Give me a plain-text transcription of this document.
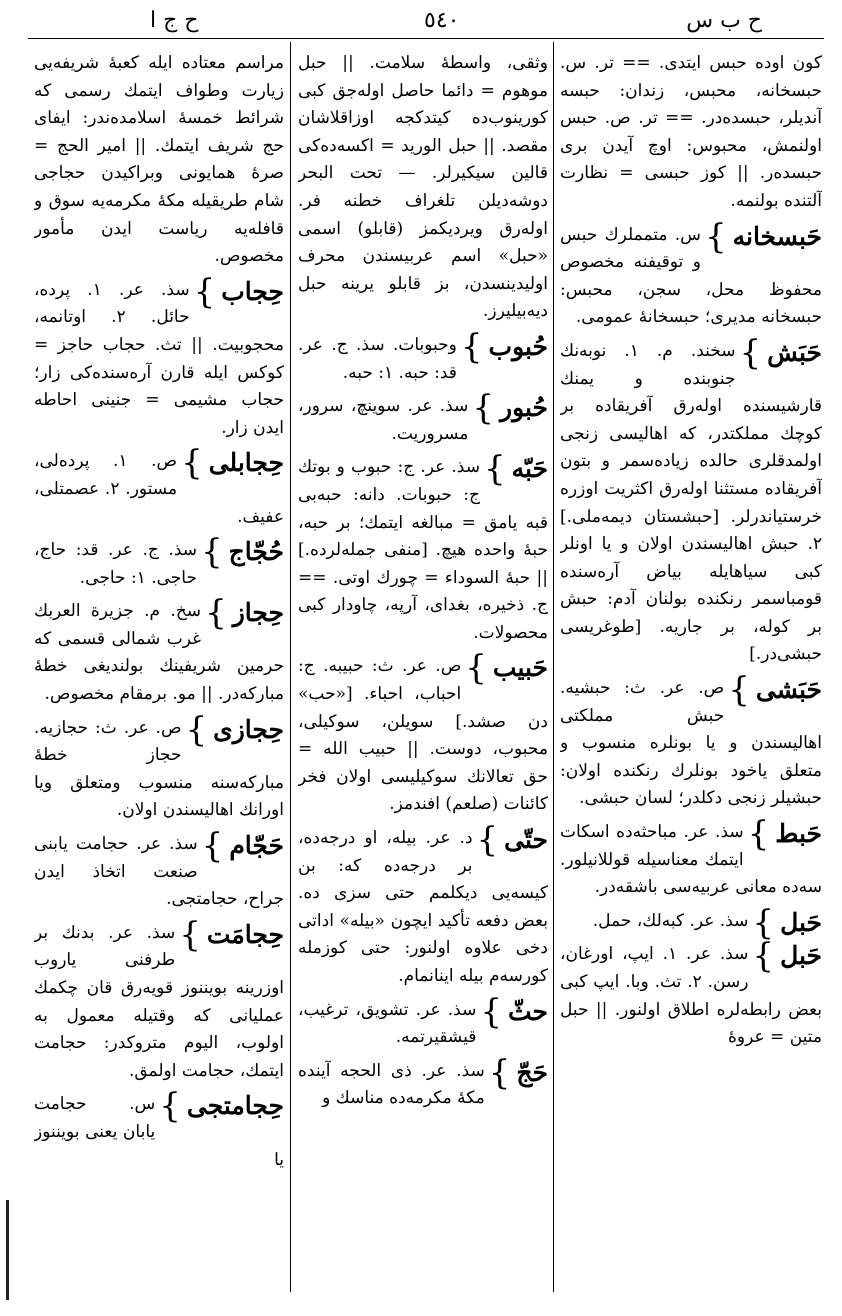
ح ج ا	٥٤٠	ح ب س
كون اوده حبس ايتدى. == تر. س. حبسخانه، محبس، زندان: حبسه آنديلر، حبسده‌در. == تر. ص. حبس اولنمش، محبوس: اوچ آيدن برى حبسده‌ر. || كوز حبسى = نظارت آلتنده بولنمه.
حَبسخانه
}
س. متمملرك حبس و توقيفنه مخصوص محفوظ محل، سجن، محبس: حبسخانه مديرى؛ حبسخانهٔ عمومى.
حَبَش
}
سخند. م. ١. نوبه‌نك جنوبنده و يمنك قارشيسنده اولەرق آفريقاده بر كوچك مملكتدر، كه اهاليسى زنجى اولمدقلرى حالده زياده‌سمر و بتون آفريقاده مستثنا اولەرق اكثريت اوزره خرستياندرلر. [حبشستان ديمه‌ملى.] ٢. حبش اهاليسندن اولان و يا اونلر كبى سياهايله بياض آره‌سنده قومباسمر رنكنده بولنان آدم: حبش بر كوله، بر جاريه. [طوغريسى حبشى‌در.]
حَبَشى
}
ص. عر. ث: حبشيه. حبش مملكتى اهاليسندن و يا بونلره منسوب و متعلق ياخود بونلرك رنكنده اولان: حبشيلر زنجى دكلدر؛ لسان حبشى.
حَبط
}
سذ. عر. مباحثه‌ده اسكات ايتمك معناسيله قوللانيلور. سه‌ده معانى عربيه‌سى باشقه‌در.
حَبل
}
سذ. عر. كبه‌لك، حمل.
حَبل
}
سذ. عر. ١. ايپ، اورغان، رسن. ٢. تث. وبا. ايپ كبى بعض رابطه‌لره اطلاق اولنور. || حبل متين = عروهٔ
وثقى، واسطهٔ سلامت. || حبل موهوم = دائما حاصل اولەجق كبى كورينوب‌ده كيتدكجه اوزاقلاشان مقصد. || حبل الوريد = اكسه‌ده‌كى قالين سيكيرلر. — تحت البحر دوشەديلن تلغراف خطنه فر. اوله‌رق ويرديكمز (قابلو) اسمى «حبل» اسم عربيسندن محرف اوليدينسدن، بز قابلو يرينه حبل ديه‌بيليرز.
حُبوب
}
وحبوبات. سذ. ج. عر. قد: حبه. ١: حبه.
حُبور
}
سذ. عر. سوينچ، سرور، مسروريت.
حَبّه
}
سذ. عر. ج: حبوب و بوتك ج: حبوبات. دانه: حبه‌بى قبه يامق = مبالغه ايتمك؛ بر حبه، حبهٔ واحده هيچ. [منفى جمله‌لرده.] || حبهٔ السوداء = چورك اوتى. == ج. ذخيره، بغداى، آرپه، چاودار كبى محصولات.
حَبيب
}
ص. عر. ث: حبيبه. ج: احباب، احباء. [«حب» دن صشد.] سويلن، سوكيلى، محبوب، دوست. || حبيب الله = حق تعالانك سوكيليسى اولان فخر كائنات (صلعم) افندمز.
حتّى
}
د. عر. بيله، او درجه‌ده، بر درجه‌ده كه: بن كيسه‌يى ديكلمم حتى سزى ده. بعض دفعه تأكيد ايچون «بيله» اداتى دخى علاوه اولنور: حتى كوزمله كورسه‌م بيله اينانمام.
حثّ
}
سذ. عر. تشويق، ترغيب، قيشقيرتمه.
حَجّ
}
سذ. عر. ذى الحجه آينده مكهٔ مكرمه‌ده مناسك و
مراسم معتاده ايله كعبهٔ شريفه‌يى زيارت وطواف ايتمك رسمى كه شرائط خمسهٔ اسلامده‌ندر: ايفاى حج شريف ايتمك. || امير الحج = صرهٔ همايونى وبراكيدن حجاجى شام طريقيله مكهٔ مكرمه‌يه سوق و قافله‌يه رياست ايدن مأمور مخصوص.
حِجاب
}
سذ. عر. ١. پرده، حائل. ٢. اوتانمه، محجوبيت. || تث. حجاب حاجز = كوكس ايله قارن آره‌سنده‌كى زار؛ حجاب مشيمى = جنينى احاطه ايدن زار.
حِجابلى
}
ص. ١. پرده‌لى، مستور. ٢. عصمتلى، عفيف.
حُجّاج
}
سذ. ج. عر. قد: حاج، حاجى. ١: حاجى.
حِجاز
}
سخ. م. جزيرة العربك غرب شمالى قسمى كه حرمين شريفينك بولنديغى خطهٔ مباركه‌در. || مو. برمقام مخصوص.
حِجازى
}
ص. عر. ث: حجازيه. حجاز خطهٔ مباركه‌سنه منسوب ومتعلق ويا اورانك اهاليسندن اولان.
حَجّام
}
سذ. عر. حجامت يابنى صنعت اتخاذ ايدن جراح، حجامتجى.
حِجامَت
}
سذ. عر. بدنك بر طرفنى ياروب اوزرينه بويننوز قويه‌رق قان چكمك عمليانى كه وقتيله معمول به اولوب، اليوم متروكدر: حجامت ايتمك، حجامت اولمق.
حِجامتجى
}
س. حجامت يابان يعنى بويننوز يا
